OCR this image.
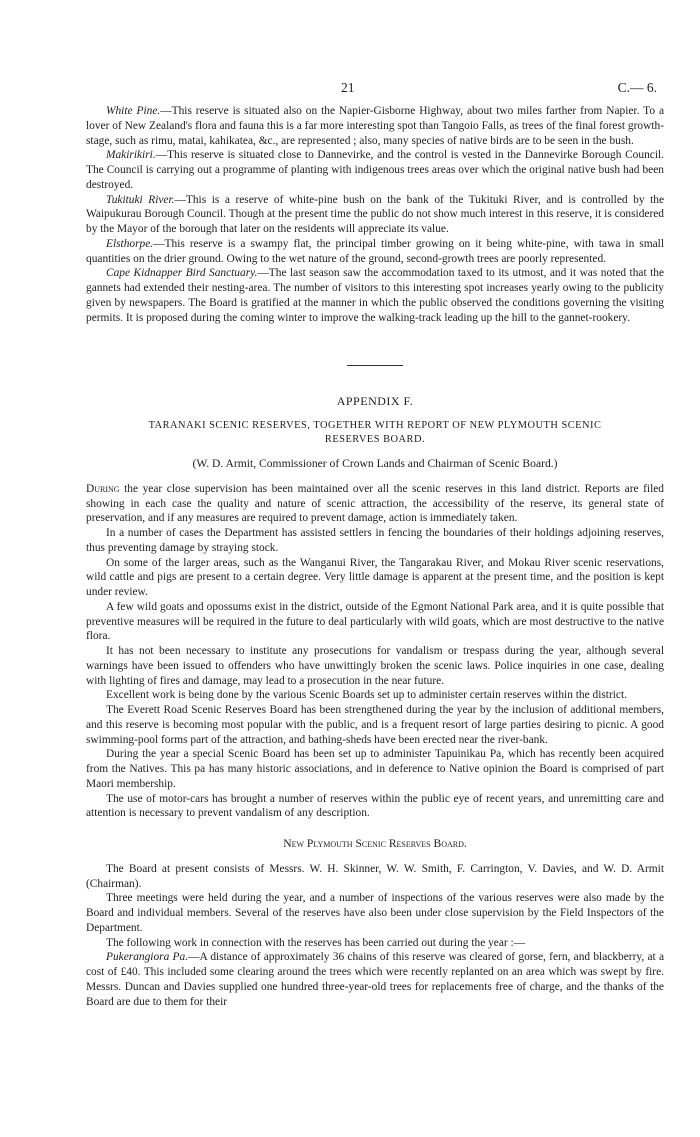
21	C.— 6.

White Pine.—This reserve is situated also on the Napier-Gisborne Highway, about two miles farther from Napier. To a lover of New Zealand's flora and fauna this is a far more interesting spot than Tangoio Falls, as trees of the final forest growth-stage, such as rimu, matai, kahikatea, &c., are represented ; also, many species of native birds are to be seen in the bush.

Makirikiri.—This reserve is situated close to Dannevirke, and the control is vested in the Dannevirke Borough Council. The Council is carrying out a programme of planting with indigenous trees areas over which the original native bush had been destroyed.

Tukituki River.—This is a reserve of white-pine bush on the bank of the Tukituki River, and is controlled by the Waipukurau Borough Council. Though at the present time the public do not show much interest in this reserve, it is considered by the Mayor of the borough that later on the residents will appreciate its value.

Elsthorpe.—This reserve is a swampy flat, the principal timber growing on it being white-pine, with tawa in small quantities on the drier ground. Owing to the wet nature of the ground, second-growth trees are poorly represented.

Cape Kidnapper Bird Sanctuary.—The last season saw the accommodation taxed to its utmost, and it was noted that the gannets had extended their nesting-area. The number of visitors to this interesting spot increases yearly owing to the publicity given by newspapers. The Board is gratified at the manner in which the public observed the conditions governing the visiting permits. It is proposed during the coming winter to improve the walking-track leading up the hill to the gannet-rookery.

APPENDIX F.
TARANAKI SCENIC RESERVES, TOGETHER WITH REPORT OF NEW PLYMOUTH SCENIC RESERVES BOARD.
(W. D. Armit, Commissioner of Crown Lands and Chairman of Scenic Board.)

During the year close supervision has been maintained over all the scenic reserves in this land district. Reports are filed showing in each case the quality and nature of scenic attraction, the accessibility of the reserve, its general state of preservation, and if any measures are required to prevent damage, action is immediately taken.

In a number of cases the Department has assisted settlers in fencing the boundaries of their holdings adjoining reserves, thus preventing damage by straying stock.

On some of the larger areas, such as the Wanganui River, the Tangarakau River, and Mokau River scenic reservations, wild cattle and pigs are present to a certain degree. Very little damage is apparent at the present time, and the position is kept under review.

A few wild goats and opossums exist in the district, outside of the Egmont National Park area, and it is quite possible that preventive measures will be required in the future to deal particularly with wild goats, which are most destructive to the native flora.

It has not been necessary to institute any prosecutions for vandalism or trespass during the year, although several warnings have been issued to offenders who have unwittingly broken the scenic laws. Police inquiries in one case, dealing with lighting of fires and damage, may lead to a prosecution in the near future.

Excellent work is being done by the various Scenic Boards set up to administer certain reserves within the district.

The Everett Road Scenic Reserves Board has been strengthened during the year by the inclusion of additional members, and this reserve is becoming most popular with the public, and is a frequent resort of large parties desiring to picnic. A good swimming-pool forms part of the attraction, and bathing-sheds have been erected near the river-bank.

During the year a special Scenic Board has been set up to administer Tapuinikau Pa, which has recently been acquired from the Natives. This pa has many historic associations, and in deference to Native opinion the Board is comprised of part Maori membership.

The use of motor-cars has brought a number of reserves within the public eye of recent years, and unremitting care and attention is necessary to prevent vandalism of any description.

New Plymouth Scenic Reserves Board.

The Board at present consists of Messrs. W. H. Skinner, W. W. Smith, F. Carrington, V. Davies, and W. D. Armit (Chairman).

Three meetings were held during the year, and a number of inspections of the various reserves were also made by the Board and individual members. Several of the reserves have also been under close supervision by the Field Inspectors of the Department.

The following work in connection with the reserves has been carried out during the year :—

Pukerangiora Pa.—A distance of approximately 36 chains of this reserve was cleared of gorse, fern, and blackberry, at a cost of £40. This included some clearing around the trees which were recently replanted on an area which was swept by fire. Messrs. Duncan and Davies supplied one hundred three-year-old trees for replacements free of charge, and the thanks of the Board are due to them for their
